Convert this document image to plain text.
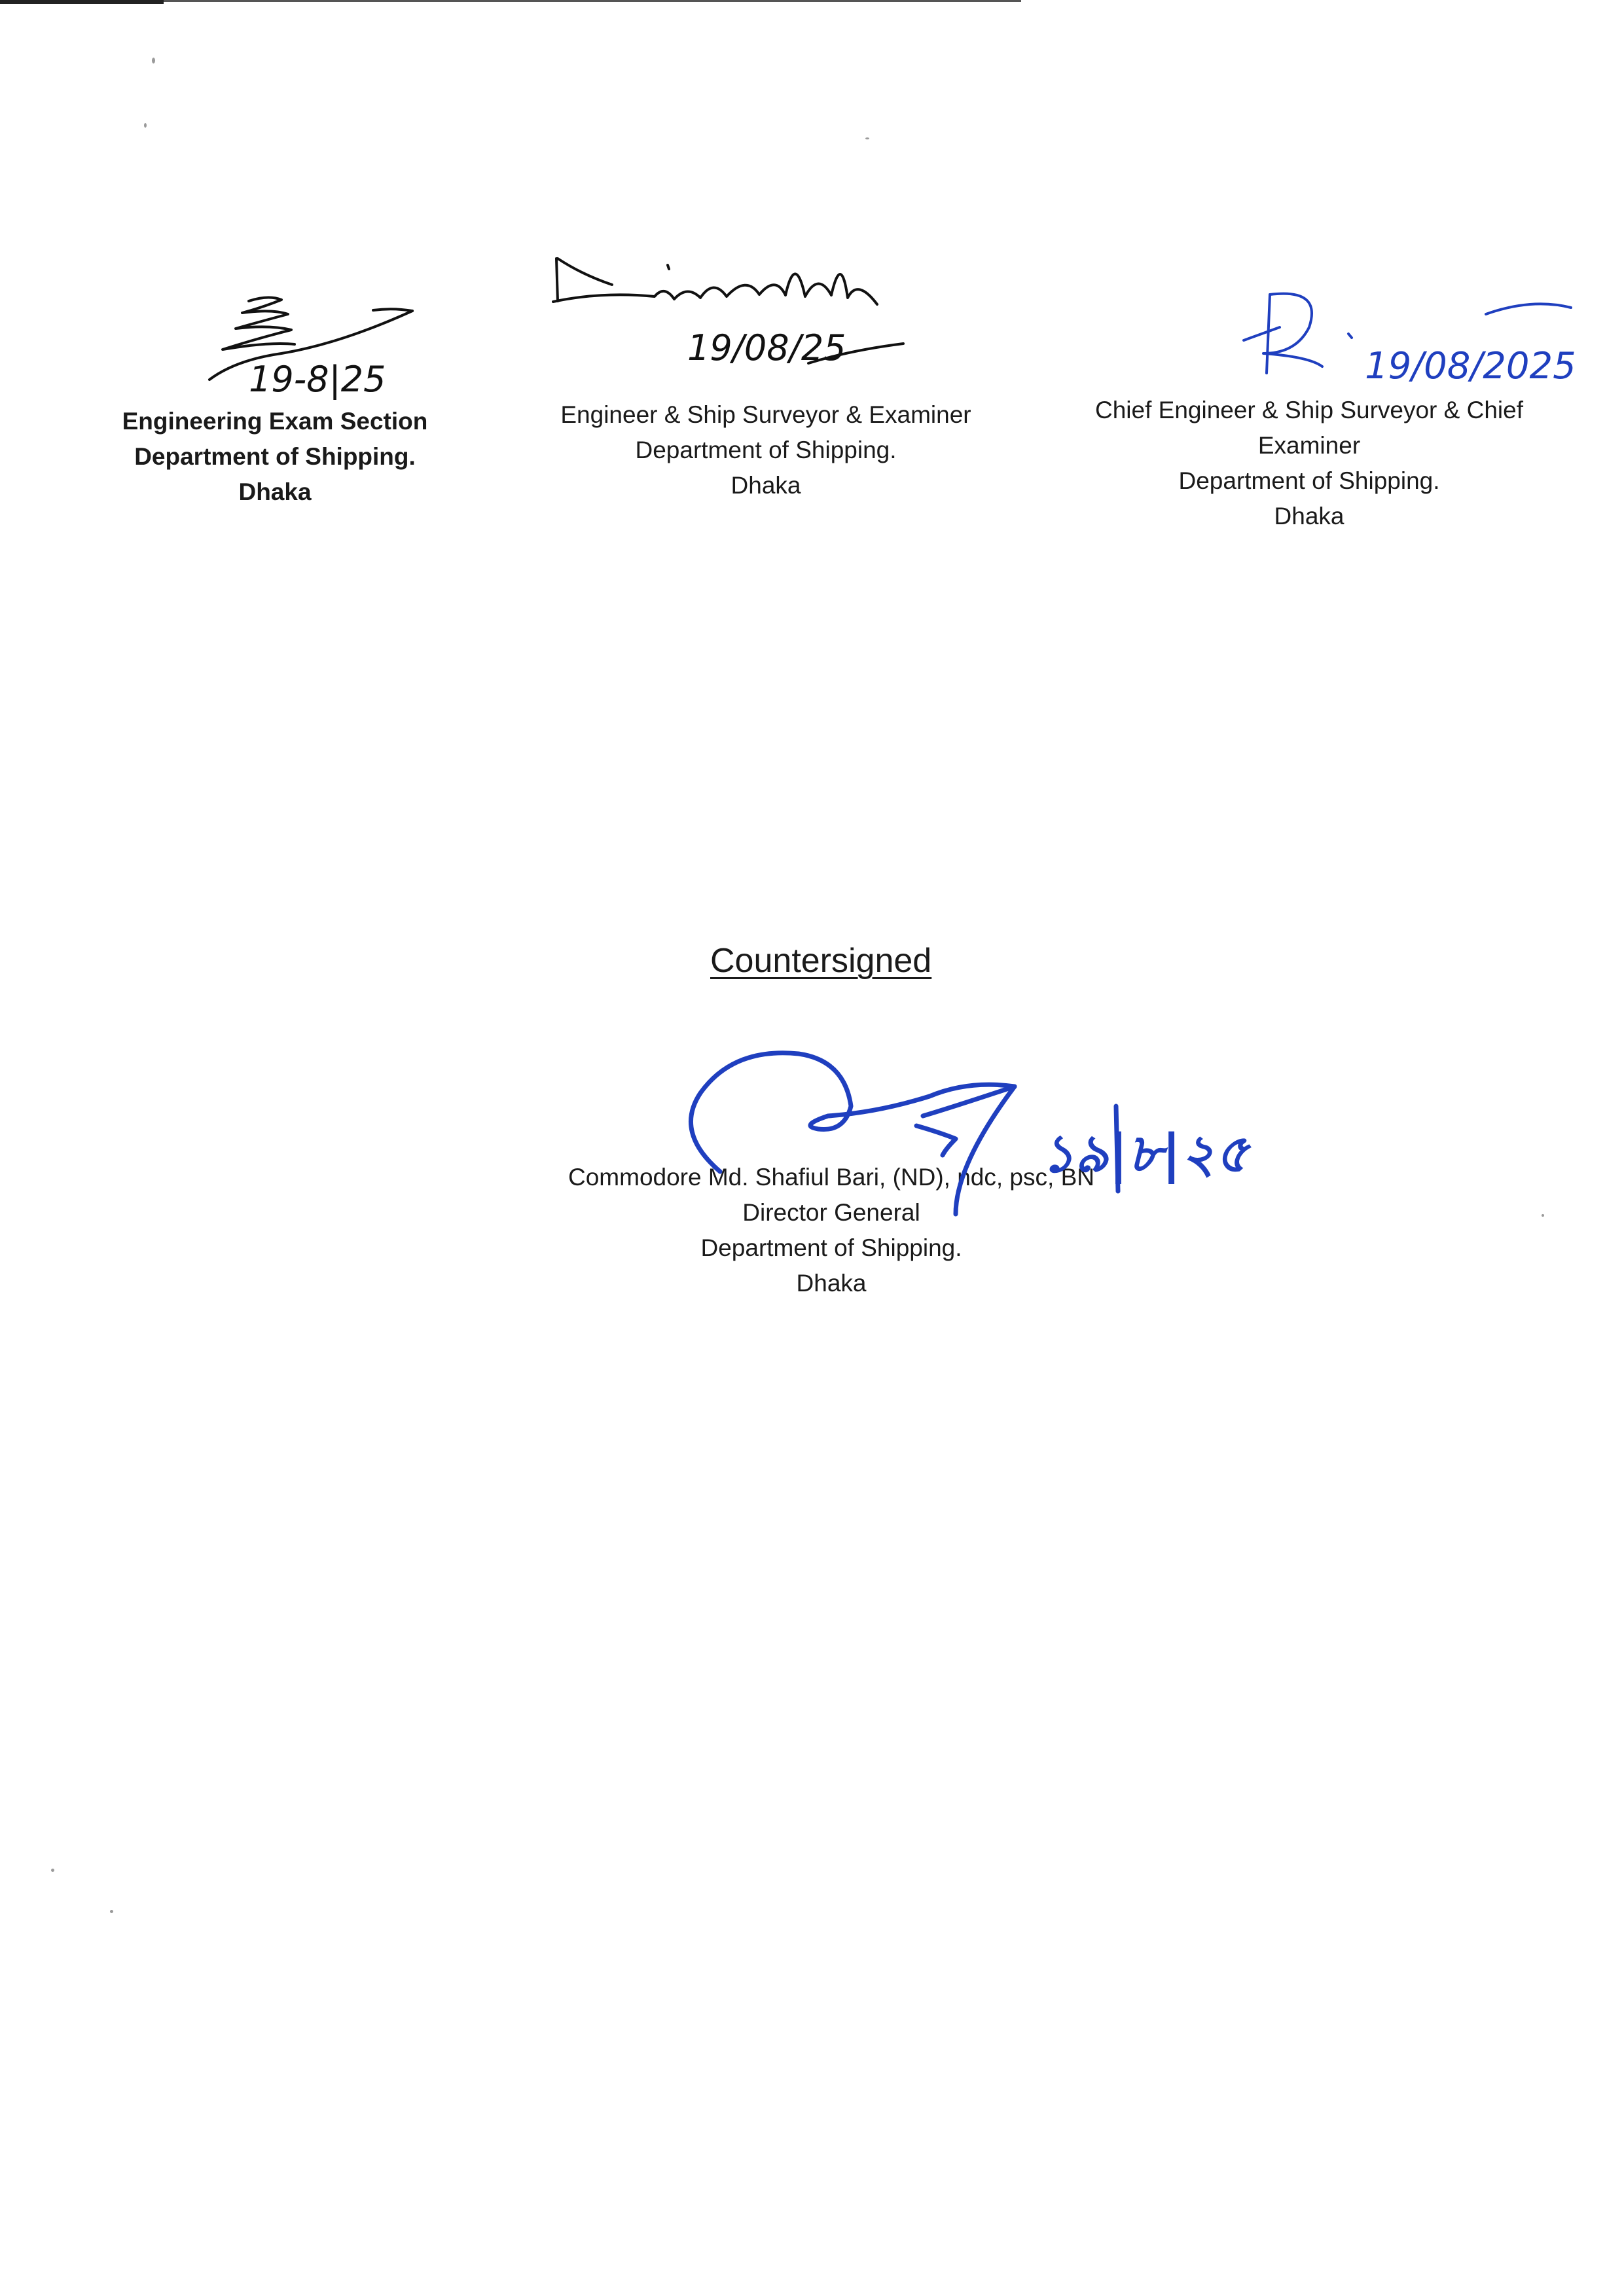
19-8|25
19/08/25	19/08/2025
Engineering Exam Section
Department of Shipping.
Dhaka
Engineer & Ship Surveyor & Examiner
Department of Shipping.
Dhaka
Chief Engineer & Ship Surveyor & Chief
Examiner
Department of Shipping.
Dhaka
Countersigned
Commodore Md. Shafiul Bari, (ND), ndc, psc, BN
Director General
Department of Shipping.
Dhaka
১৯|৮|২৫
